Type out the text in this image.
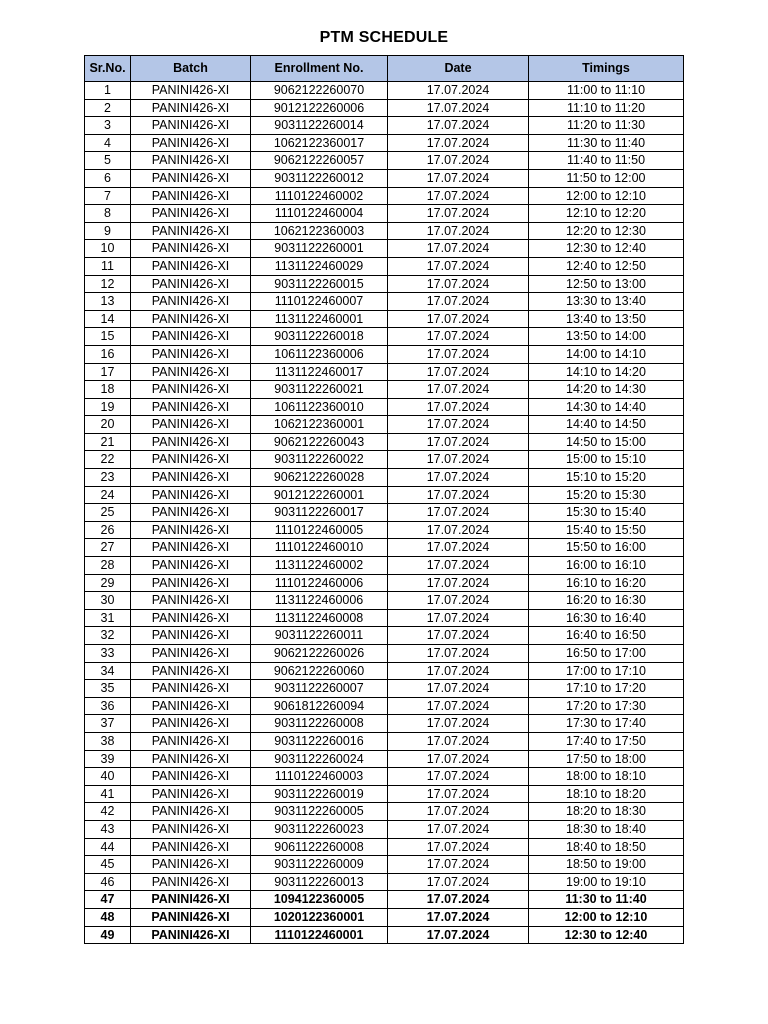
PTM SCHEDULE
Sr.No.	Batch	Enrollment No.	Date	Timings
1	PANINI426-XI	9062122260070	17.07.2024	11:00 to 11:10
2	PANINI426-XI	9012122260006	17.07.2024	11:10 to 11:20
3	PANINI426-XI	9031122260014	17.07.2024	11:20 to 11:30
4	PANINI426-XI	1062122360017	17.07.2024	11:30 to 11:40
5	PANINI426-XI	9062122260057	17.07.2024	11:40 to 11:50
6	PANINI426-XI	9031122260012	17.07.2024	11:50 to 12:00
7	PANINI426-XI	1110122460002	17.07.2024	12:00 to 12:10
8	PANINI426-XI	1110122460004	17.07.2024	12:10 to 12:20
9	PANINI426-XI	1062122360003	17.07.2024	12:20 to 12:30
10	PANINI426-XI	9031122260001	17.07.2024	12:30 to 12:40
11	PANINI426-XI	1131122460029	17.07.2024	12:40 to 12:50
12	PANINI426-XI	9031122260015	17.07.2024	12:50 to 13:00
13	PANINI426-XI	1110122460007	17.07.2024	13:30 to 13:40
14	PANINI426-XI	1131122460001	17.07.2024	13:40 to 13:50
15	PANINI426-XI	9031122260018	17.07.2024	13:50 to 14:00
16	PANINI426-XI	1061122360006	17.07.2024	14:00 to 14:10
17	PANINI426-XI	1131122460017	17.07.2024	14:10 to 14:20
18	PANINI426-XI	9031122260021	17.07.2024	14:20 to 14:30
19	PANINI426-XI	1061122360010	17.07.2024	14:30 to 14:40
20	PANINI426-XI	1062122360001	17.07.2024	14:40 to 14:50
21	PANINI426-XI	9062122260043	17.07.2024	14:50 to 15:00
22	PANINI426-XI	9031122260022	17.07.2024	15:00 to 15:10
23	PANINI426-XI	9062122260028	17.07.2024	15:10 to 15:20
24	PANINI426-XI	9012122260001	17.07.2024	15:20 to 15:30
25	PANINI426-XI	9031122260017	17.07.2024	15:30 to 15:40
26	PANINI426-XI	1110122460005	17.07.2024	15:40 to 15:50
27	PANINI426-XI	1110122460010	17.07.2024	15:50 to 16:00
28	PANINI426-XI	1131122460002	17.07.2024	16:00 to 16:10
29	PANINI426-XI	1110122460006	17.07.2024	16:10 to 16:20
30	PANINI426-XI	1131122460006	17.07.2024	16:20 to 16:30
31	PANINI426-XI	1131122460008	17.07.2024	16:30 to 16:40
32	PANINI426-XI	9031122260011	17.07.2024	16:40 to 16:50
33	PANINI426-XI	9062122260026	17.07.2024	16:50 to 17:00
34	PANINI426-XI	9062122260060	17.07.2024	17:00 to 17:10
35	PANINI426-XI	9031122260007	17.07.2024	17:10 to 17:20
36	PANINI426-XI	9061812260094	17.07.2024	17:20 to 17:30
37	PANINI426-XI	9031122260008	17.07.2024	17:30 to 17:40
38	PANINI426-XI	9031122260016	17.07.2024	17:40 to 17:50
39	PANINI426-XI	9031122260024	17.07.2024	17:50 to 18:00
40	PANINI426-XI	1110122460003	17.07.2024	18:00 to 18:10
41	PANINI426-XI	9031122260019	17.07.2024	18:10 to 18:20
42	PANINI426-XI	9031122260005	17.07.2024	18:20 to 18:30
43	PANINI426-XI	9031122260023	17.07.2024	18:30 to 18:40
44	PANINI426-XI	9061122260008	17.07.2024	18:40 to 18:50
45	PANINI426-XI	9031122260009	17.07.2024	18:50 to 19:00
46	PANINI426-XI	9031122260013	17.07.2024	19:00 to 19:10
47	PANINI426-XI	1094122360005	17.07.2024	11:30 to 11:40
48	PANINI426-XI	1020122360001	17.07.2024	12:00 to 12:10
49	PANINI426-XI	1110122460001	17.07.2024	12:30 to 12:40
